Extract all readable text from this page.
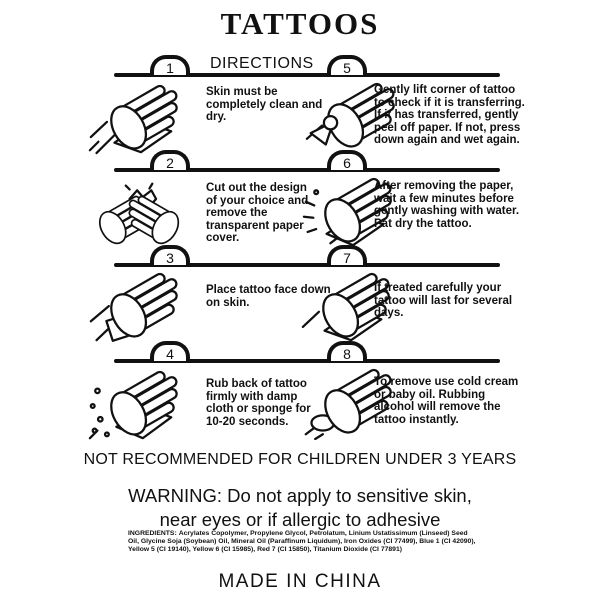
TATTOOS
DIRECTIONS
1	5
2	6
3	7
4	8
Skin must be completely clean and dry.
Gently lift corner of tattoo to check if it is transferring. If it has transferred, gently peel off paper. If not, press down again and wet again.
Cut out the design of your choice and remove the transparent paper cover.
After removing the paper, wait a few minutes before gently washing with water. Pat dry the tattoo.
Place tattoo face down on skin.
If treated carefully your tattoo will last for several days.
Rub back of tattoo firmly with damp cloth or sponge for 10-20 seconds.
To remove use cold cream or baby oil. Rubbing alcohol will remove the tattoo instantly.
NOT RECOMMENDED FOR CHILDREN UNDER 3 YEARS
WARNING: Do not apply to sensitive skin,
near eyes or if allergic to adhesive
INGREDIENTS: Acrylates Copolymer, Propylene Glycol, Petrolatum, Linium Ustatissimum (Linseed) Seed Oil, Glycine Soja (Soybean) Oil, Mineral Oil (Paraffinum Liquidum), Iron Oxides (CI 77499), Blue 1 (CI 42090), Yellow 5 (CI 19140), Yellow 6 (CI 15985), Red 7 (CI 15850), Titanium Dioxide (CI 77891)
MADE IN CHINA
